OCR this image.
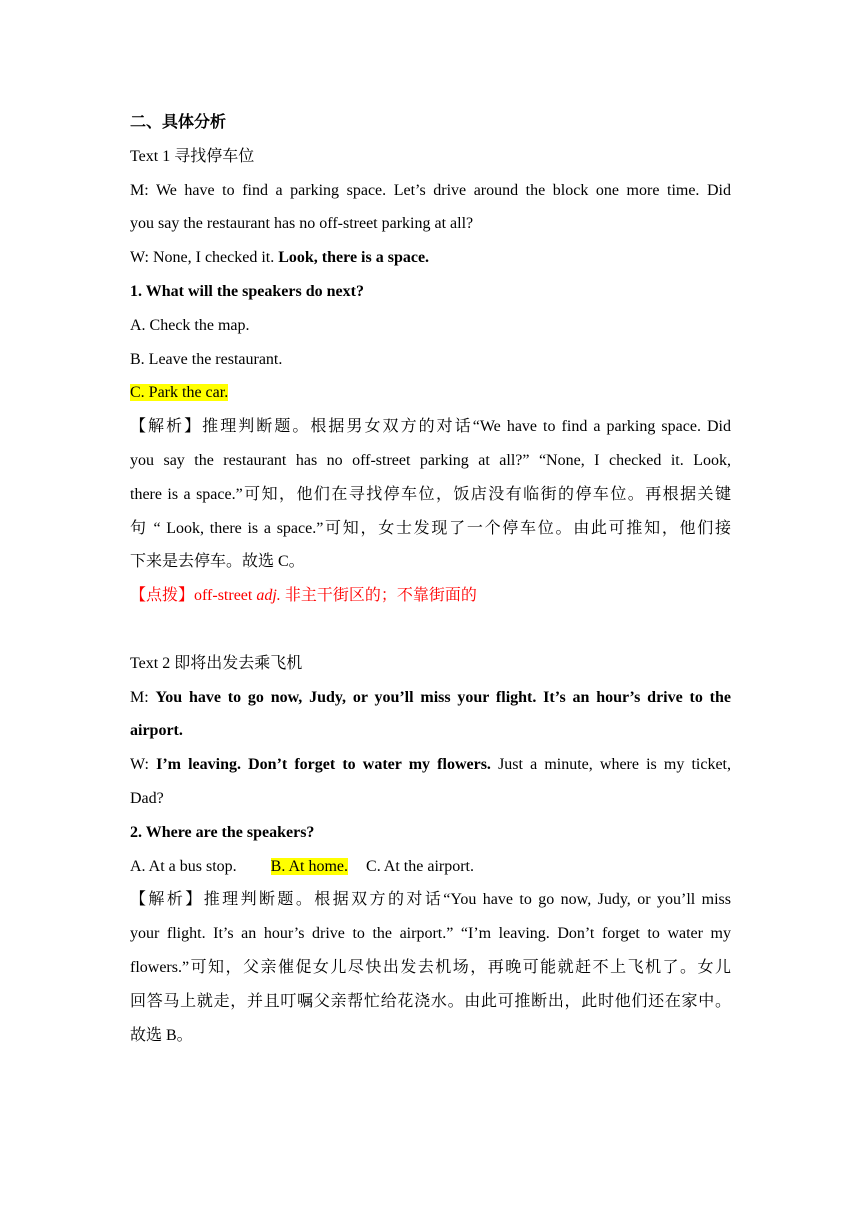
二、具体分析

Text 1 寻找停车位

M: We have to find a parking space. Let’s drive around the block one more time. Did

you say the restaurant has no off-street parking at all?

W: None, I checked it. Look, there is a space.

1. What will the speakers do next?

A. Check the map.

B. Leave the restaurant.

C. Park the car.

【解析】推理判断题。根据男女双方的对话“We have to find a parking space. Did

you say the restaurant has no off-street parking at all?” “None, I checked it. Look,

there is a space.”可知，他们在寻找停车位，饭店没有临街的停车位。再根据关键

句 “ Look, there is a space.”可知，女士发现了一个停车位。由此可推知，他们接

下来是去停车。故选 C。

【点拨】off-street adj. 非主干街区的；不靠街面的

Text 2 即将出发去乘飞机

M: You have to go now, Judy, or you’ll miss your flight. It’s an hour’s drive to the

airport.

W: I’m leaving. Don’t forget to water my flowers. Just a minute, where is my ticket,

Dad?

2. Where are the speakers?

A. At a bus stop. B. At home. C. At the airport.

【解析】推理判断题。根据双方的对话“You have to go now, Judy, or you’ll miss

your flight. It’s an hour’s drive to the airport.” “I’m leaving. Don’t forget to water my

flowers.”可知，父亲催促女儿尽快出发去机场，再晚可能就赶不上飞机了。女儿

回答马上就走，并且叮嘱父亲帮忙给花浇水。由此可推断出，此时他们还在家中。

故选 B。
